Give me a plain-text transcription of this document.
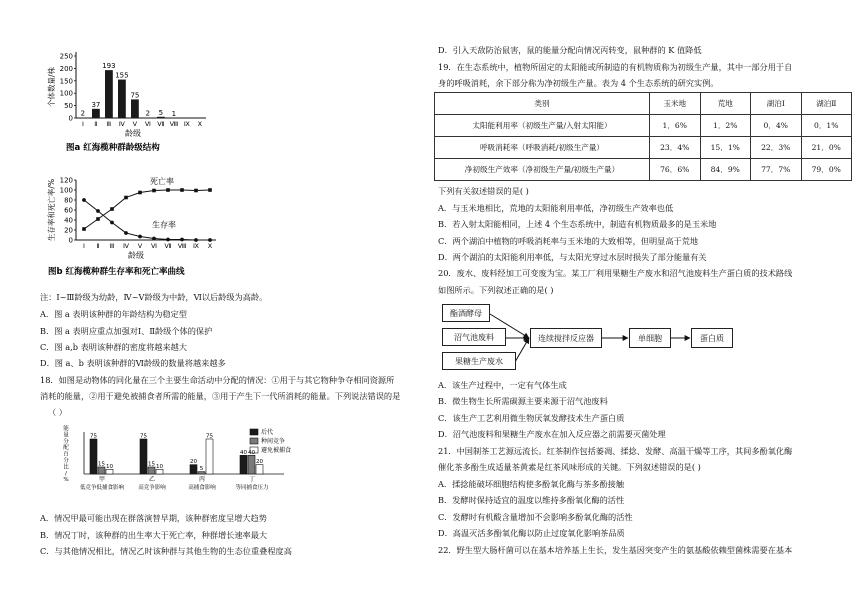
0
50
100
150
200
250
Ⅰ
2
Ⅱ
37
Ⅲ
193
Ⅳ
155
Ⅴ
75
Ⅵ
2
Ⅶ
5
Ⅷ
1
Ⅸ Ⅹ
龄级
个体数量/株
图a 红海榄种群龄级结构
0
20
40
60
80
100
120
Ⅰ Ⅱ Ⅲ Ⅳ Ⅴ Ⅵ Ⅶ Ⅷ Ⅸ Ⅹ
死亡率
生存率
龄级
生存率和死亡率/%
图b 红海榄种群生存率和死亡率曲线
注：Ⅰ~Ⅲ龄级为幼龄，Ⅳ~Ⅴ龄级为中龄，Ⅵ以后龄级为高龄。
A．图 a 表明该种群的年龄结构为稳定型
B．图 a 表明应重点加强对Ⅰ、Ⅱ龄级个体的保护
C．图 a,b 表明该种群的密度将越来越大
D．图 a、b 表明该种群的Ⅵ龄级的数量将越来越多
18．如图是动物体的同化量在三个主要生命活动中分配的情况：①用于与其它物种争夺相同资源所
消耗的能量，②用于避免被捕食者所需的能量，③用于产生下一代所消耗的能量。下列说法错误的是
（ ）
75
15 10
甲
低竞争低捕食影响
75
15 10
乙
高竞争影响
20
5
75
丙
高捕食影响
40 40
20
丁
等同捕食压力
能
量
分
配
百
分
比
/
%
后代
种间竞争
避免被捕食
A．情况甲最可能出现在群落演替早期，该种群密度呈增大趋势
B．情况丁时，该种群的出生率大于死亡率，种群增长速率最大
C．与其他情况相比，情况乙时该种群与其他生物的生态位重叠程度高
D．引入天敌防治鼠害，鼠的能量分配向情况丙转变，鼠种群的 K 值降低
19．在生态系统中，植物所固定的太阳能或所制造的有机物质称为初级生产量，其中一部分用于自
身的呼吸消耗，余下部分称为净初级生产量。表为 4 个生态系统的研究实例。
类别	玉米地	荒地	湖泊Ⅰ	湖泊Ⅱ
太阳能利用率（初级生产量/入射太阳能）	1．6%	1．2%	0．4%	0．1%
呼吸消耗率（呼吸消耗/初级生产量）	23．4%	15．1%	22．3%	21．0%
净初级生产效率（净初级生产量/初级生产量）	76．6%	84．9%	77．7%	79．0%
下列有关叙述错误的是( )
A．与玉米地相比，荒地的太阳能利用率低，净初级生产效率也低
B．若入射太阳能相同，上述 4 个生态系统中，制造有机物质最多的是玉米地
C．两个湖泊中植物的呼吸消耗率与玉米地的大致相等，但明显高于荒地
D．两个湖泊的太阳能利用率低，与太阳光穿过水层时损失了部分能量有关
20．废水、废料经加工可变废为宝。某工厂利用果糖生产废水和沼气池废料生产蛋白质的技术路线
如图所示。下列叙述正确的是( )
酯酒酵母
沼气池废料
果糖生产废水
连续搅拌反应器	单细胞	蛋白质
A．该生产过程中，一定有气体生成
B．微生物生长所需碳源主要来源于沼气池废料
C．该生产工艺利用微生物厌氧发酵技术生产蛋白质
D．沼气池废料和果糖生产废水在加入反应器之前需要灭菌处理
21．中国制茶工艺源远流长。红茶制作包括萎凋、揉捻、发酵、高温干燥等工序，其间多酚氧化酶
催化茶多酚生成适量茶黄素是红茶风味形成的关键。下列叙述错误的是( )
A．揉捻能破坏细胞结构使多酚氧化酶与茶多酚接触
B．发酵时保持适宜的温度以维持多酚氧化酶的活性
C．发酵时有机酸含量增加不会影响多酚氧化酶的活性
D．高温灭活多酚氧化酶以防止过度氧化影响茶品质
22．野生型大肠杆菌可以在基本培养基上生长，发生基因突变产生的氨基酸依赖型菌株需要在基本
